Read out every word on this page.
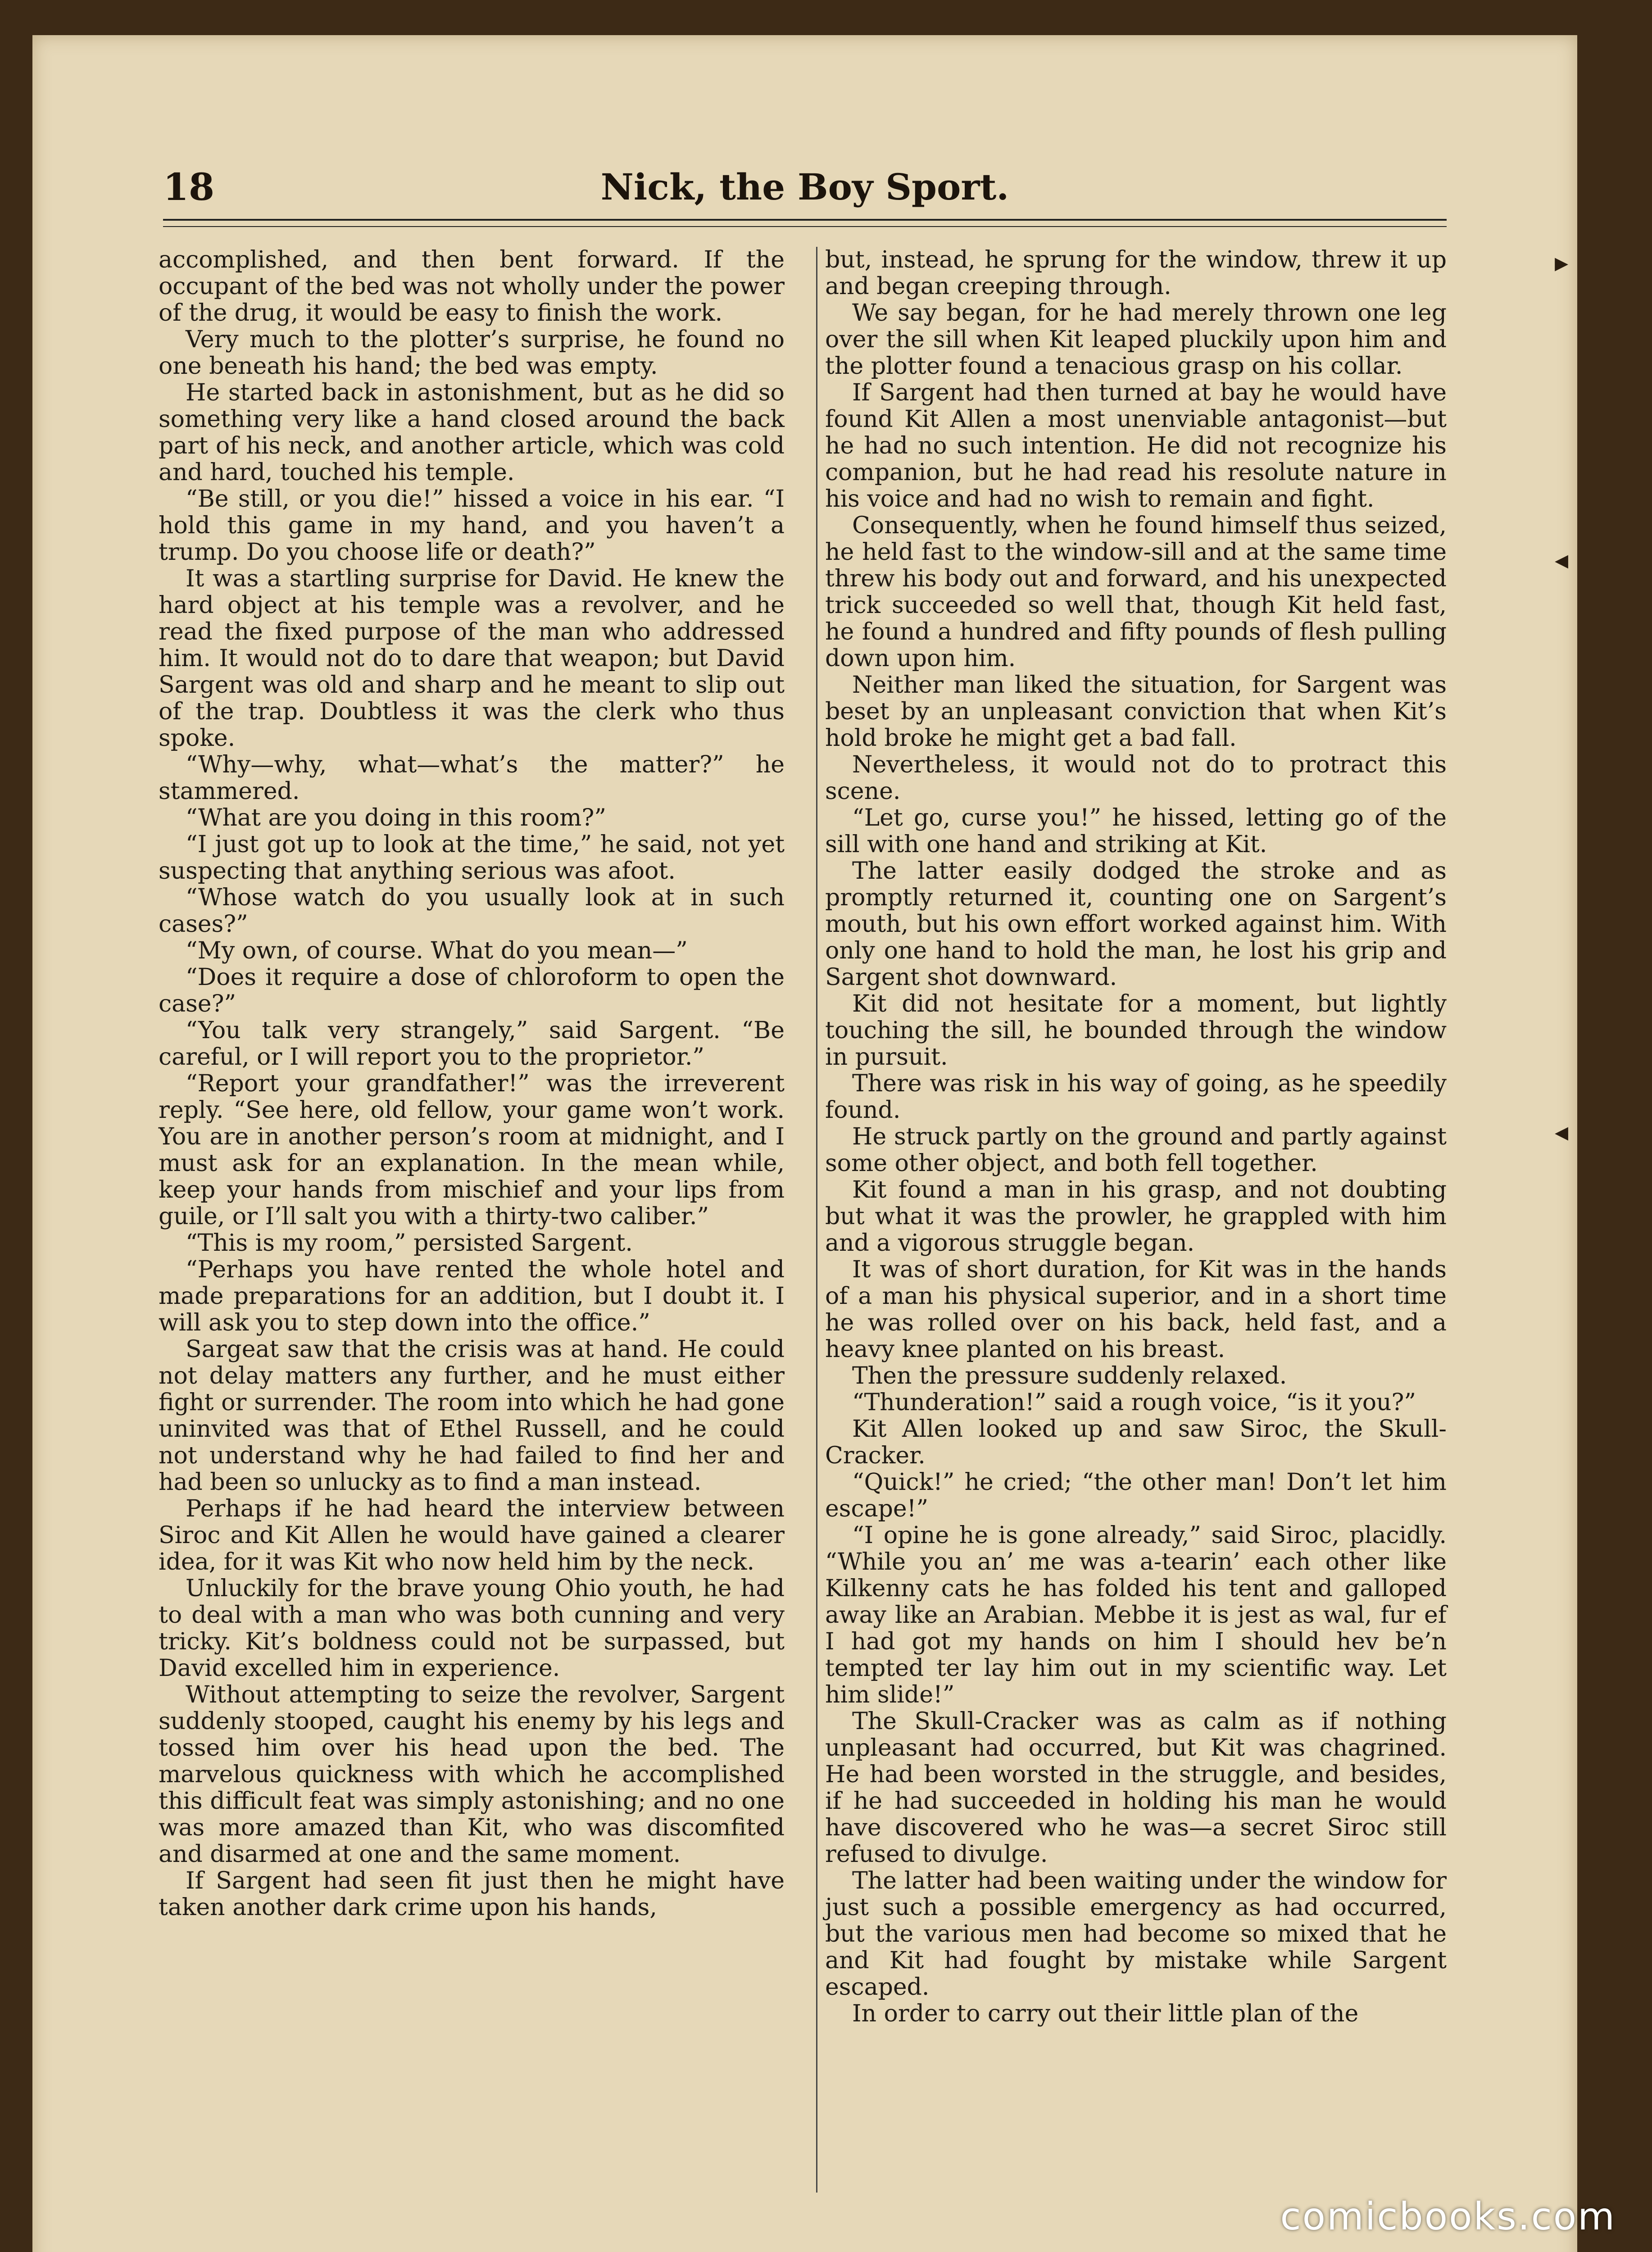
18	Nick, the Boy Sport.

accomplished, and then bent forward. If the occupant of the bed was not wholly under the power of the drug, it would be easy to finish the work.

Very much to the plotter’s surprise, he found no one beneath his hand; the bed was empty.

He started back in astonishment, but as he did so something very like a hand closed around the back part of his neck, and another article, which was cold and hard, touched his temple.

“Be still, or you die!” hissed a voice in his ear. “I hold this game in my hand, and you haven’t a trump. Do you choose life or death?”

It was a startling surprise for David. He knew the hard object at his temple was a revolver, and he read the fixed purpose of the man who addressed him. It would not do to dare that weapon; but David Sargent was old and sharp and he meant to slip out of the trap. Doubtless it was the clerk who thus spoke.

“Why—why, what—what’s the matter?” he stammered.

“What are you doing in this room?”

“I just got up to look at the time,” he said, not yet suspecting that anything serious was afoot.

“Whose watch do you usually look at in such cases?”

“My own, of course. What do you mean—”

“Does it require a dose of chloroform to open the case?”

“You talk very strangely,” said Sargent. “Be careful, or I will report you to the proprietor.”

“Report your grandfather!” was the irreverent reply. “See here, old fellow, your game won’t work. You are in another person’s room at midnight, and I must ask for an explanation. In the mean while, keep your hands from mischief and your lips from guile, or I’ll salt you with a thirty-two caliber.”

“This is my room,” persisted Sargent.

“Perhaps you have rented the whole hotel and made preparations for an addition, but I doubt it. I will ask you to step down into the office.”

Sargeat saw that the crisis was at hand. He could not delay matters any further, and he must either fight or surrender. The room into which he had gone uninvited was that of Ethel Russell, and he could not understand why he had failed to find her and had been so unlucky as to find a man instead.

Perhaps if he had heard the interview between Siroc and Kit Allen he would have gained a clearer idea, for it was Kit who now held him by the neck.

Unluckily for the brave young Ohio youth, he had to deal with a man who was both cunning and very tricky. Kit’s boldness could not be surpassed, but David excelled him in experience.

Without attempting to seize the revolver, Sargent suddenly stooped, caught his enemy by his legs and tossed him over his head upon the bed. The marvelous quickness with which he accomplished this difficult feat was simply astonishing; and no one was more amazed than Kit, who was discomfited and disarmed at one and the same moment.

If Sargent had seen fit just then he might have taken another dark crime upon his hands,

but, instead, he sprung for the window, threw it up and began creeping through.

We say began, for he had merely thrown one leg over the sill when Kit leaped pluckily upon him and the plotter found a tenacious grasp on his collar.

If Sargent had then turned at bay he would have found Kit Allen a most unenviable antagonist—but he had no such intention. He did not recognize his companion, but he had read his resolute nature in his voice and had no wish to remain and fight.

Consequently, when he found himself thus seized, he held fast to the window-sill and at the same time threw his body out and forward, and his unexpected trick succeeded so well that, though Kit held fast, he found a hundred and fifty pounds of flesh pulling down upon him.

Neither man liked the situation, for Sargent was beset by an unpleasant conviction that when Kit’s hold broke he might get a bad fall.

Nevertheless, it would not do to protract this scene.

“Let go, curse you!” he hissed, letting go of the sill with one hand and striking at Kit.

The latter easily dodged the stroke and as promptly returned it, counting one on Sargent’s mouth, but his own effort worked against him. With only one hand to hold the man, he lost his grip and Sargent shot downward.

Kit did not hesitate for a moment, but lightly touching the sill, he bounded through the window in pursuit.

There was risk in his way of going, as he speedily found.

He struck partly on the ground and partly against some other object, and both fell together.

Kit found a man in his grasp, and not doubting but what it was the prowler, he grappled with him and a vigorous struggle began.

It was of short duration, for Kit was in the hands of a man his physical superior, and in a short time he was rolled over on his back, held fast, and a heavy knee planted on his breast.

Then the pressure suddenly relaxed.

“Thunderation!” said a rough voice, “is it you?”

Kit Allen looked up and saw Siroc, the Skull-Cracker.

“Quick!” he cried; “the other man! Don’t let him escape!”

“I opine he is gone already,” said Siroc, placidly. “While you an’ me was a-tearin’ each other like Kilkenny cats he has folded his tent and galloped away like an Arabian. Mebbe it is jest as wal, fur ef I had got my hands on him I should hev be’n tempted ter lay him out in my scientific way. Let him slide!”

The Skull-Cracker was as calm as if nothing unpleasant had occurred, but Kit was chagrined. He had been worsted in the struggle, and besides, if he had succeeded in holding his man he would have discovered who he was—a secret Siroc still refused to divulge.

The latter had been waiting under the window for just such a possible emergency as had occurred, but the various men had become so mixed that he and Kit had fought by mistake while Sargent escaped.

In order to carry out their little plan of the

▸
◂
◂
comicbooks.com
